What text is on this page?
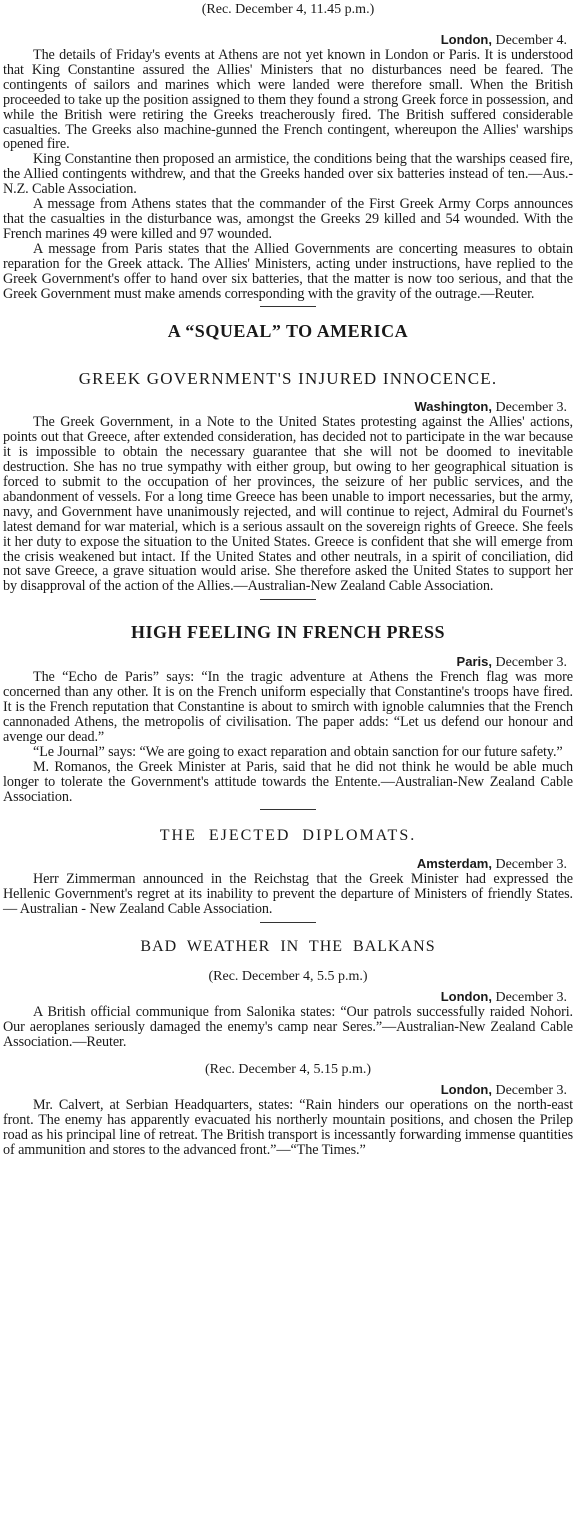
(Rec. December 4, 11.45 p.m.)

London, December 4.

The details of Friday's events at Athens are not yet known in London or Paris. It is understood that King Constantine assured the Allies' Ministers that no disturbances need be feared. The contingents of sailors and marines which were landed were therefore small. When the British proceeded to take up the position assigned to them they found a strong Greek force in possession, and while the British were retiring the Greeks treacherously fired. The British suffered considerable casualties. The Greeks also machine-gunned the French contingent, whereupon the Allies' warships opened fire.

King Constantine then proposed an armistice, the conditions being that the warships ceased fire, the Allied contingents withdrew, and that the Greeks handed over six batteries instead of ten.—Aus.-N.Z. Cable Association.

A message from Athens states that the commander of the First Greek Army Corps announces that the casualties in the disturbance was, amongst the Greeks 29 killed and 54 wounded. With the French marines 49 were killed and 97 wounded.

A message from Paris states that the Allied Governments are concerting measures to obtain reparation for the Greek attack. The Allies' Ministers, acting under instructions, have replied to the Greek Government's offer to hand over six batteries, that the matter is now too serious, and that the Greek Government must make amends corresponding with the gravity of the outrage.—Reuter.

A “SQUEAL” TO AMERICA

GREEK GOVERNMENT'S INJURED INNOCENCE.

Washington, December 3.

The Greek Government, in a Note to the United States protesting against the Allies' actions, points out that Greece, after extended consideration, has decided not to participate in the war because it is impossible to obtain the necessary guarantee that she will not be doomed to inevitable destruction. She has no true sympathy with either group, but owing to her geographical situation is forced to submit to the occupation of her provinces, the seizure of her public services, and the abandonment of vessels. For a long time Greece has been unable to import necessaries, but the army, navy, and Government have unanimously rejected, and will continue to reject, Admiral du Fournet's latest demand for war material, which is a serious assault on the sovereign rights of Greece. She feels it her duty to expose the situation to the United States. Greece is confident that she will emerge from the crisis weakened but intact. If the United States and other neutrals, in a spirit of conciliation, did not save Greece, a grave situation would arise. She therefore asked the United States to support her by disapproval of the action of the Allies.—Australian-New Zealand Cable Association.

HIGH FEELING IN FRENCH PRESS

Paris, December 3.

The “Echo de Paris” says: “In the tragic adventure at Athens the French flag was more concerned than any other. It is on the French uniform especially that Constantine's troops have fired. It is the French reputation that Constantine is about to smirch with ignoble calumnies that the French cannonaded Athens, the metropolis of civilisation. The paper adds: “Let us defend our honour and avenge our dead.”

“Le Journal” says: “We are going to exact reparation and obtain sanction for our future safety.”

M. Romanos, the Greek Minister at Paris, said that he did not think he would be able much longer to tolerate the Government's attitude towards the Entente.—Australian-New Zealand Cable Association.

THE EJECTED DIPLOMATS.

Amsterdam, December 3.

Herr Zimmerman announced in the Reichstag that the Greek Minister had expressed the Hellenic Government's regret at its inability to prevent the departure of Ministers of friendly States. — Australian - New Zealand Cable Association.

BAD WEATHER IN THE BALKANS

(Rec. December 4, 5.5 p.m.)

London, December 3.

A British official communique from Salonika states: “Our patrols successfully raided Nohori. Our aeroplanes seriously damaged the enemy's camp near Seres.”—Australian-New Zealand Cable Association.—Reuter.

(Rec. December 4, 5.15 p.m.)

London, December 3.

Mr. Calvert, at Serbian Headquarters, states: “Rain hinders our operations on the north-east front. The enemy has apparently evacuated his northerly mountain positions, and chosen the Prilep road as his principal line of retreat. The British transport is incessantly forwarding immense quantities of ammunition and stores to the advanced front.”—“The Times.”
